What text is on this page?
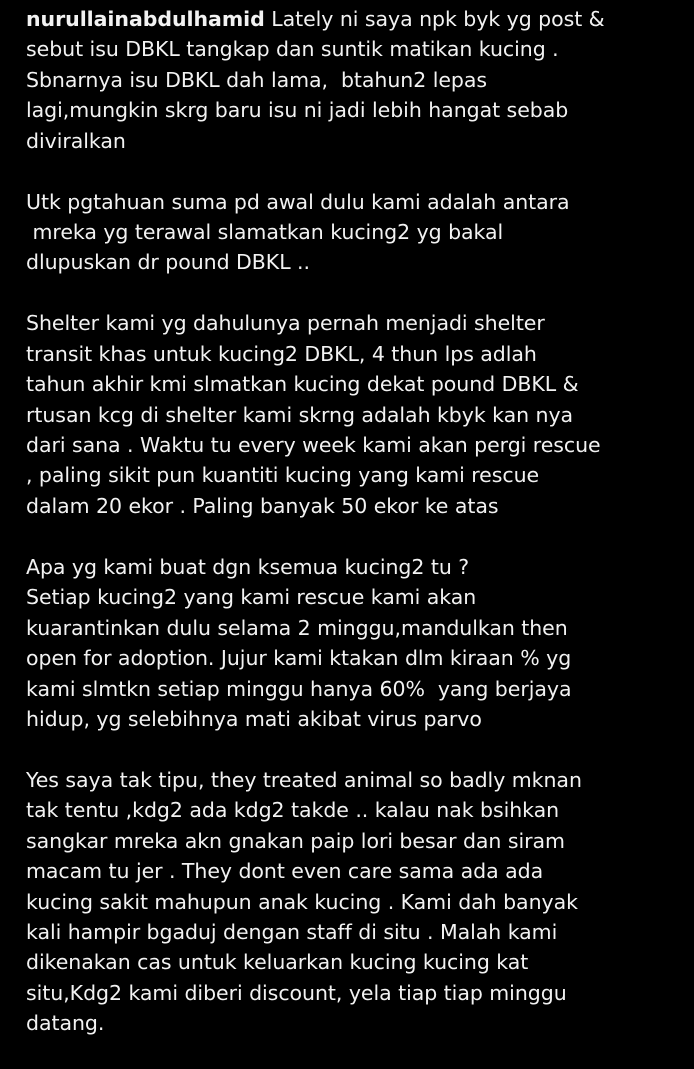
nurullainabdulhamid Lately ni saya npk byk yg post &
sebut isu DBKL tangkap dan suntik matikan kucing .
Sbnarnya isu DBKL dah lama,  btahun2 lepas
lagi,mungkin skrg baru isu ni jadi lebih hangat sebab
diviralkan
Utk pgtahuan suma pd awal dulu kami adalah antara
mreka yg terawal slamatkan kucing2 yg bakal
dlupuskan dr pound DBKL ..
Shelter kami yg dahulunya pernah menjadi shelter
transit khas untuk kucing2 DBKL, 4 thun lps adlah
tahun akhir kmi slmatkan kucing dekat pound DBKL &
rtusan kcg di shelter kami skrng adalah kbyk kan nya
dari sana . Waktu tu every week kami akan pergi rescue
, paling sikit pun kuantiti kucing yang kami rescue
dalam 20 ekor . Paling banyak 50 ekor ke atas
Apa yg kami buat dgn ksemua kucing2 tu ?
Setiap kucing2 yang kami rescue kami akan
kuarantinkan dulu selama 2 minggu,mandulkan then
open for adoption. Jujur kami ktakan dlm kiraan % yg
kami slmtkn setiap minggu hanya 60%  yang berjaya
hidup, yg selebihnya mati akibat virus parvo
Yes saya tak tipu, they treated animal so badly mknan
tak tentu ,kdg2 ada kdg2 takde .. kalau nak bsihkan
sangkar mreka akn gnakan paip lori besar dan siram
macam tu jer . They dont even care sama ada ada
kucing sakit mahupun anak kucing . Kami dah banyak
kali hampir bgaduj dengan staff di situ . Malah kami
dikenakan cas untuk keluarkan kucing kucing kat
situ,Kdg2 kami diberi discount, yela tiap tiap minggu
datang.
